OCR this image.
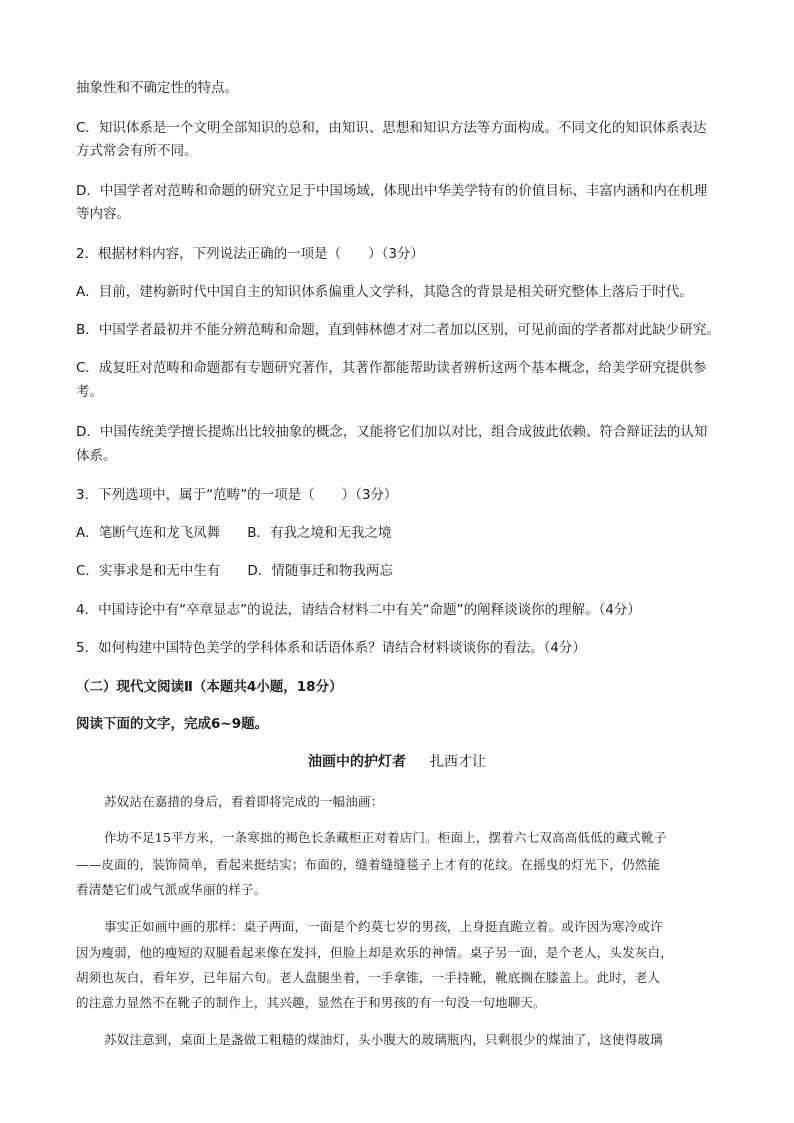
抽象性和不确定性的特点。
C．知识体系是一个文明全部知识的总和，由知识、思想和知识方法等方面构成。不同文化的知识体系表达
方式常会有所不同。
D．中国学者对范畴和命题的研究立足于中国场域，体现出中华美学特有的价值目标、丰富内涵和内在机理
等内容。
2．根据材料内容，下列说法正确的一项是（　　）（3分）
A．目前，建构新时代中国自主的知识体系偏重人文学科，其隐含的背景是相关研究整体上落后于时代。
B．中国学者最初并不能分辨范畴和命题，直到韩林德才对二者加以区别，可见前面的学者都对此缺少研究。
C．成复旺对范畴和命题都有专题研究著作，其著作都能帮助读者辨析这两个基本概念，给美学研究提供参
考。
D．中国传统美学擅长提炼出比较抽象的概念，又能将它们加以对比，组合成彼此依赖、符合辩证法的认知
体系。
3．下列选项中，属于“范畴”的一项是（　　）（3分）
A．笔断气连和龙飞凤舞　　B．有我之境和无我之境
C．实事求是和无中生有　　D．情随事迁和物我两忘
4．中国诗论中有“卒章显志”的说法，请结合材料二中有关“命题”的阐释谈谈你的理解。（4分）
5．如何构建中国特色美学的学科体系和话语体系？请结合材料谈谈你的看法。（4分）
（二）现代文阅读Ⅱ（本题共4小题，18分）
阅读下面的文字，完成6~9题。
油画中的护灯者 扎西才让
苏奴站在嘉措的身后，看着即将完成的一幅油画：
作坊不足15平方米，一条寒拙的褐色长条藏柜正对着店门。柜面上，摆着六七双高高低低的藏式靴子
——皮面的，装饰简单，看起来挺结实；布面的，缝着缝缝毯子上才有的花纹。在摇曳的灯光下，仍然能
看清楚它们或气派或华丽的样子。
事实正如画中画的那样：桌子两面，一面是个约莫七岁的男孩，上身挺直跪立着。或许因为寒冷或许
因为瘦弱，他的瘦短的双腿看起来像在发抖，但脸上却是欢乐的神情。桌子另一面，是个老人，头发灰白，
胡须也灰白，看年岁，已年届六旬。老人盘腿坐着，一手拿锥，一手持靴，靴底搁在膝盖上。此时，老人
的注意力显然不在靴子的制作上，其兴趣，显然在于和男孩的有一句没一句地聊天。
苏奴注意到，桌面上是盏做工粗糙的煤油灯，头小腹大的玻璃瓶内，只剩很少的煤油了，这使得玻璃
